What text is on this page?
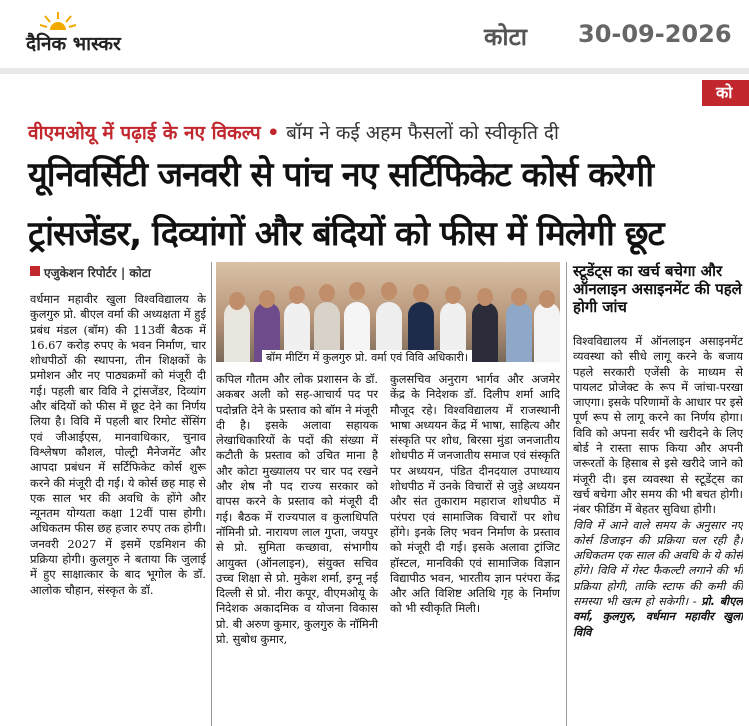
दैनिक भास्कर	कोटा 30-09-2026
को
वीएमओयू में पढ़ाई के नए विकल्प • बॉम ने कई अहम फैसलों को स्वीकृति दी
यूनिवर्सिटी जनवरी से पांच नए सर्टिफिकेट कोर्स करेगी
ट्रांसजेंडर, दिव्यांगों और बंदियों को फीस में मिलेगी छूट
एजुकेशन रिपोर्टर | कोटा
बॉम मीटिंग में कुलगुरु प्रो. वर्मा एवं विवि अधिकारी।
स्टूडेंट्स का खर्च बचेगा और ऑनलाइन असाइनमेंट की पहले होगी जांच
वर्धमान महावीर खुला विश्वविद्यालय के कुलगुरु प्रो. बीएल वर्मा की अध्यक्षता में हुई प्रबंध मंडल (बॉम) की 113वीं बैठक में 16.67 करोड़ रुपए के भवन निर्माण, चार शोधपीठों की स्थापना, तीन शिक्षकों के प्रमोशन और नए पाठ्यक्रमों को मंजूरी दी गई। पहली बार विवि ने ट्रांसजेंडर, दिव्यांग और बंदियों को फीस में छूट देने का निर्णय लिया है। विवि में पहली बार रिमोट सेंसिंग एवं जीआईएस, मानवाधिकार, चुनाव विश्लेषण कौशल, पोल्ट्री मैनेजमेंट और आपदा प्रबंधन में सर्टिफिकेट कोर्स शुरू करने की मंजूरी दी गई। ये कोर्स छह माह से एक साल भर की अवधि के होंगे और न्यूनतम योग्यता कक्षा 12वीं पास होगी। अधिकतम फीस छह हजार रुपए तक होगी। जनवरी 2027 में इसमें एडमिशन की प्रक्रिया होगी। कुलगुरु ने बताया कि जुलाई में हुए साक्षात्कार के बाद भूगोल के डॉ. आलोक चौहान, संस्कृत के डॉ.
कपिल गौतम और लोक प्रशासन के डॉ. अकबर अली को सह-आचार्य पद पर पदोन्नति देने के प्रस्ताव को बॉम ने मंजूरी दी है। इसके अलावा सहायक लेखाधिकारियों के पदों की संख्या में कटौती के प्रस्ताव को उचित माना है और कोटा मुख्यालय पर चार पद रखने और शेष नौ पद राज्य सरकार को वापस करने के प्रस्ताव को मंजूरी दी गई। बैठक में राज्यपाल व कुलाधिपति नॉमिनी प्रो. नारायण लाल गुप्ता, जयपुर से प्रो. सुमिता कच्छावा, संभागीय आयुक्त (ऑनलाइन), संयुक्त सचिव उच्च शिक्षा से प्रो. मुकेश शर्मा, इग्नू नई दिल्ली से प्रो. नीरा कपूर, वीएमओयू के निदेशक अकादमिक व योजना विकास प्रो. बी अरुण कुमार, कुलगुरु के नॉमिनी प्रो. सुबोध कुमार,
कुलसचिव अनुराग भार्गव और अजमेर केंद्र के निदेशक डॉ. दिलीप शर्मा आदि मौजूद रहे। विश्वविद्यालय में राजस्थानी भाषा अध्ययन केंद्र में भाषा, साहित्य और संस्कृति पर शोध, बिरसा मुंडा जनजातीय शोधपीठ में जनजातीय समाज एवं संस्कृति पर अध्ययन, पंडित दीनदयाल उपाध्याय शोधपीठ में उनके विचारों से जुड़े अध्ययन और संत तुकाराम महाराज शोधपीठ में परंपरा एवं सामाजिक विचारों पर शोध होंगे। इनके लिए भवन निर्माण के प्रस्ताव को मंजूरी दी गई। इसके अलावा ट्रांजिट हॉस्टल, मानविकी एवं सामाजिक विज्ञान विद्यापीठ भवन, भारतीय ज्ञान परंपरा केंद्र और अति विशिष्ट अतिथि गृह के निर्माण को भी स्वीकृति मिली।
विश्वविद्यालय में ऑनलाइन असाइनमेंट व्यवस्था को सीधे लागू करने के बजाय पहले सरकारी एजेंसी के माध्यम से पायलट प्रोजेक्ट के रूप में जांचा-परखा जाएगा। इसके परिणामों के आधार पर इसे पूर्ण रूप से लागू करने का निर्णय होगा। विवि को अपना सर्वर भी खरीदने के लिए बोर्ड ने रास्ता साफ किया और अपनी जरूरतों के हिसाब से इसे खरीदे जाने को मंजूरी दी। इस व्यवस्था से स्टूडेंट्स का खर्च बचेगा और समय की भी बचत होगी। नंबर फीडिंग में बेहतर सुविधा होगी।
विवि में आने वाले समय के अनुसार नए कोर्स डिजाइन की प्रक्रिया चल रही है। अधिकतम एक साल की अवधि के ये कोर्स होंगे। विवि में गेस्ट फैकल्टी लगाने की भी प्रक्रिया होगी, ताकि स्टाफ की कमी की समस्या भी खत्म हो सकेगी। - प्रो. बीएल वर्मा, कुलगुरु, वर्धमान महावीर खुला विवि
